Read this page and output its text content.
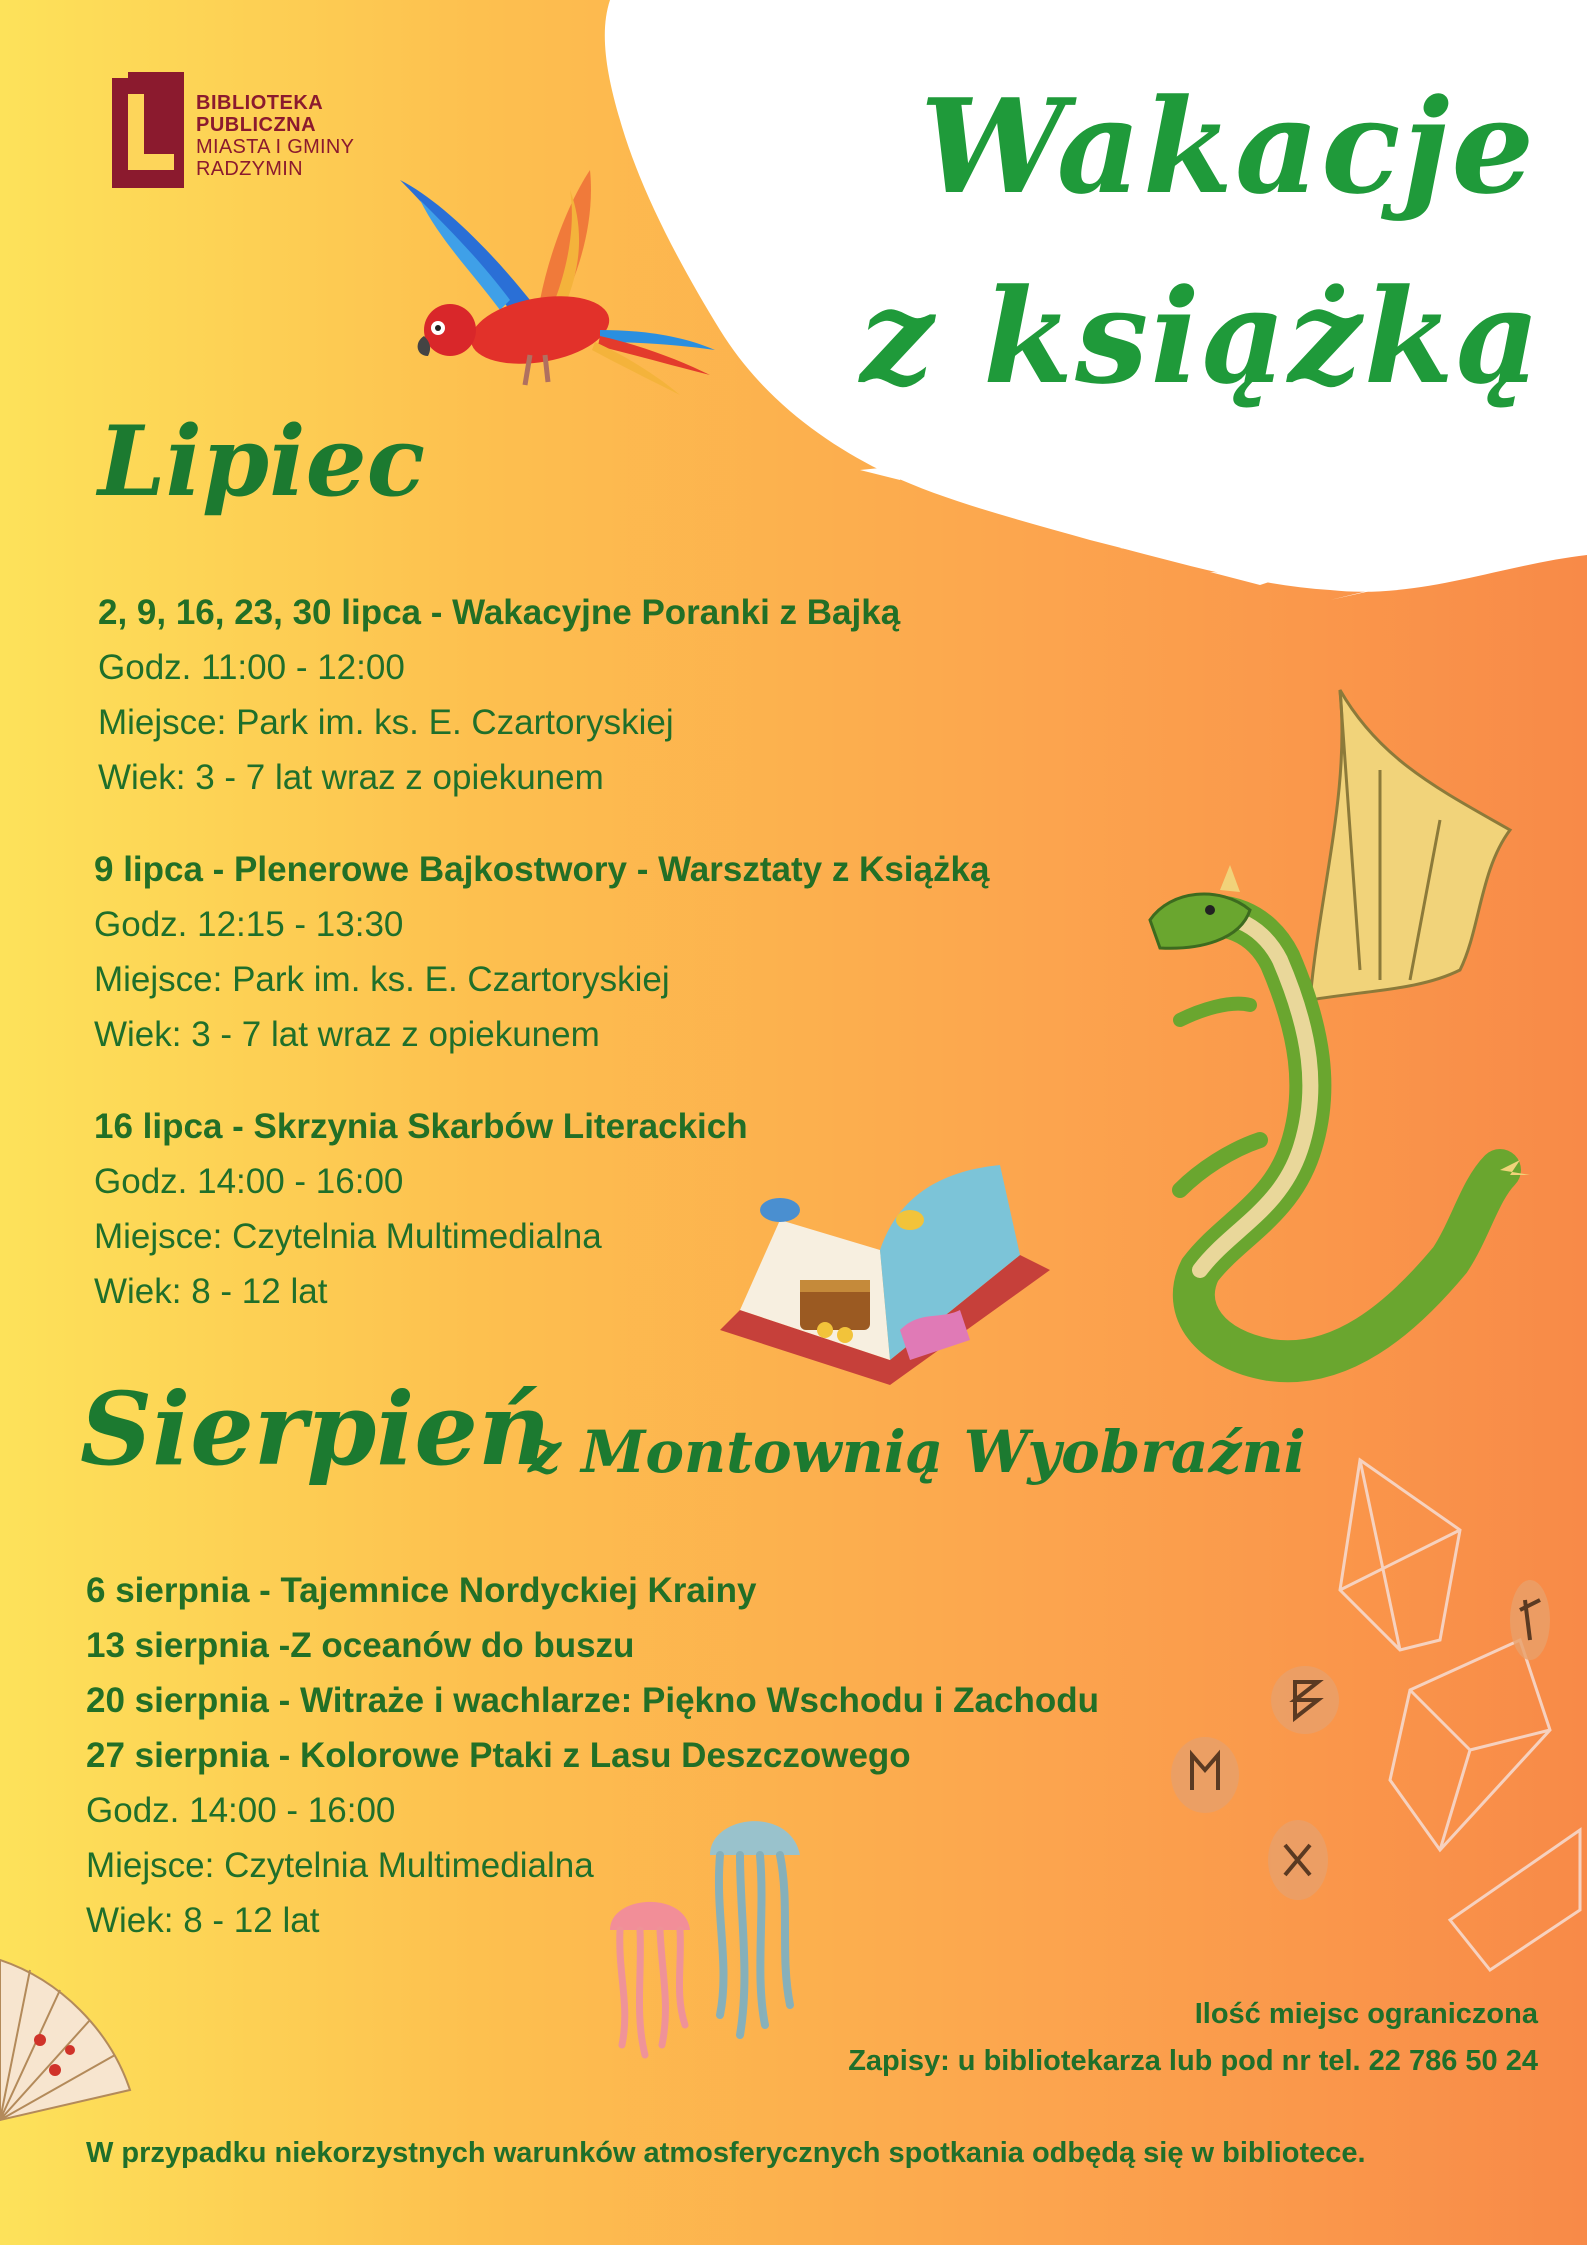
BIBLIOTEKA
PUBLICZNA
MIASTA I GMINY
RADZYMIN	Wakacje
z książką
Lipiec
2, 9, 16, 23, 30 lipca - Wakacyjne Poranki z Bajką
Godz. 11:00 - 12:00
Miejsce: Park im. ks. E. Czartoryskiej
Wiek: 3 - 7 lat wraz z opiekunem
9 lipca - Plenerowe Bajkostwory - Warsztaty z Książką
Godz. 12:15 - 13:30
Miejsce: Park im. ks. E. Czartoryskiej
Wiek: 3 - 7 lat wraz z opiekunem
16 lipca - Skrzynia Skarbów Literackich
Godz. 14:00 - 16:00
Miejsce: Czytelnia Multimedialna
Wiek: 8 - 12 lat
Sierpień
z Montownią Wyobraźni
6 sierpnia - Tajemnice Nordyckiej Krainy
13 sierpnia -Z oceanów do buszu
20 sierpnia - Witraże i wachlarze: Piękno Wschodu i Zachodu
27 sierpnia - Kolorowe Ptaki z Lasu Deszczowego
Godz. 14:00 - 16:00
Miejsce: Czytelnia Multimedialna
Wiek: 8 - 12 lat
Ilość miejsc ograniczona
Zapisy: u bibliotekarza lub pod nr tel. 22 786 50 24
W przypadku niekorzystnych warunków atmosferycznych spotkania odbędą się w bibliotece.
